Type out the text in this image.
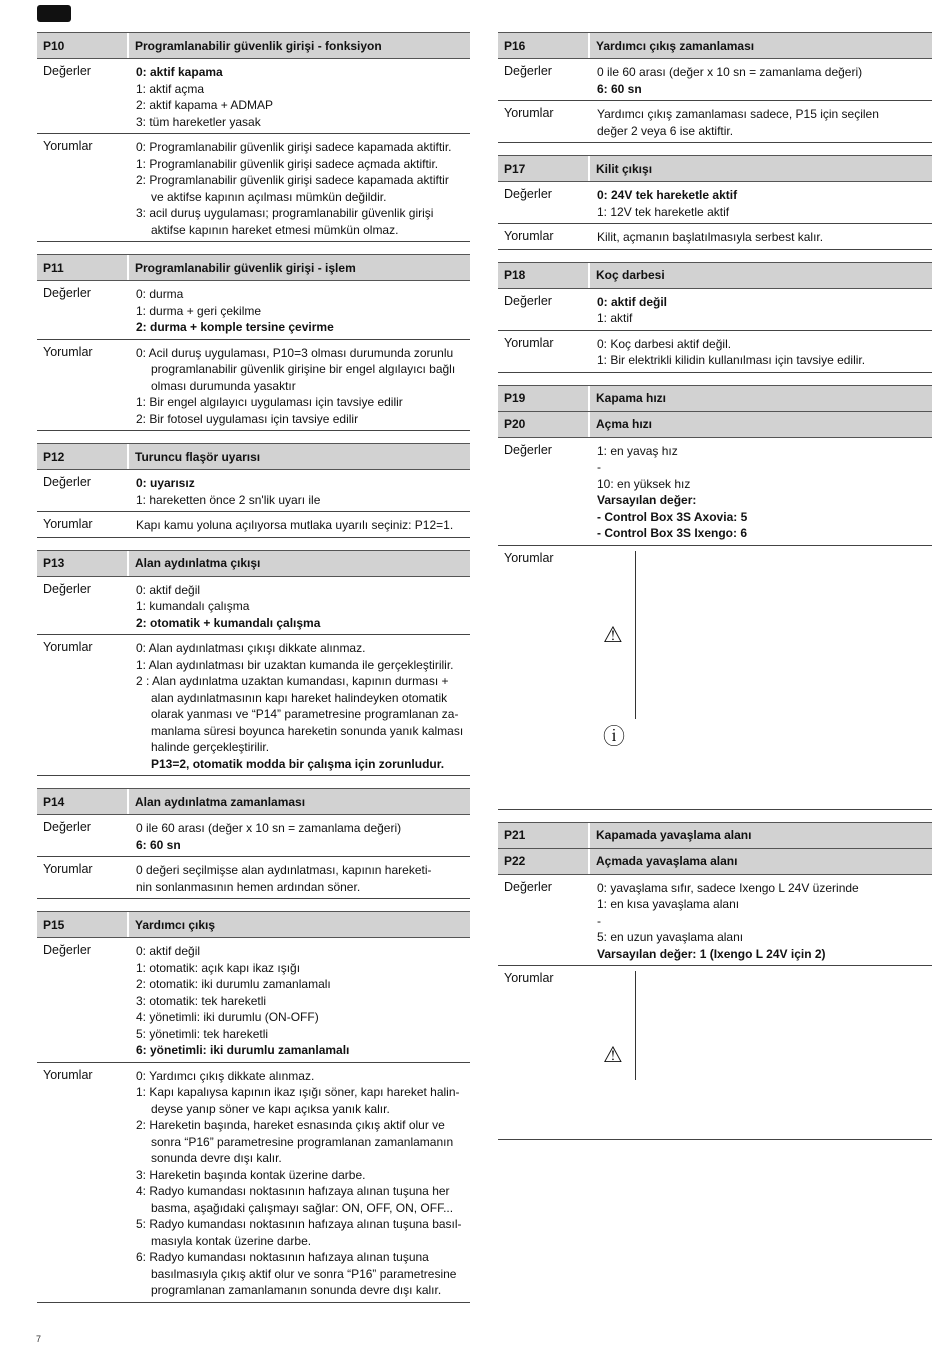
P10	Programlanabilir güvenlik girişi - fonksiyon
Değerler	0: aktif kapama
1: aktif açma
2: aktif kapama + ADMAP
3: tüm hareketler yasak
Yorumlar	0: Programlanabilir güvenlik girişi sadece kapamada aktiftir.
1: Programlanabilir güvenlik girişi sadece açmada aktiftir.
2: Programlanabilir güvenlik girişi sadece kapamada aktiftir
ve aktifse kapının açılması mümkün değildir.
3: acil duruş uygulaması; programlanabilir güvenlik girişi
aktifse kapının hareket etmesi mümkün olmaz.
P11	Programlanabilir güvenlik girişi - işlem
Değerler	0: durma
1: durma + geri çekilme
2: durma + komple tersine çevirme
Yorumlar	0: Acil duruş uygulaması, P10=3 olması durumunda zorunlu
programlanabilir güvenlik girişine bir engel algılayıcı bağlı
olması durumunda yasaktır
1: Bir engel algılayıcı uygulaması için tavsiye edilir
2: Bir fotosel uygulaması için tavsiye edilir
P12	Turuncu flaşör uyarısı
Değerler	0: uyarısız
1: hareketten önce 2 sn'lik uyarı ile
Yorumlar	Kapı kamu yoluna açılıyorsa mutlaka uyarılı seçiniz: P12=1.
P13	Alan aydınlatma çıkışı
Değerler	0: aktif değil
1: kumandalı çalışma
2: otomatik + kumandalı çalışma
Yorumlar	0: Alan aydınlatması çıkışı dikkate alınmaz.
1: Alan aydınlatması bir uzaktan kumanda ile gerçekleştirilir.
2 : Alan aydınlatma uzaktan kumandası, kapının durması +
alan aydınlatmasının kapı hareket halindeyken otomatik
olarak yanması ve “P14” parametresine programlanan za-
manlama süresi boyunca hareketin sonunda yanık kalması
halinde gerçekleştirilir.
P13=2, otomatik modda bir çalışma için zorunludur.
P14	Alan aydınlatma zamanlaması
Değerler	0 ile 60 arası (değer x 10 sn = zamanlama değeri)
6: 60 sn
Yorumlar	0 değeri seçilmişse alan aydınlatması, kapının hareketi-
nin sonlanmasının hemen ardından söner.
P15	Yardımcı çıkış
Değerler	0: aktif değil
1: otomatik: açık kapı ikaz ışığı
2: otomatik: iki durumlu zamanlamalı
3: otomatik: tek hareketli
4: yönetimli: iki durumlu (ON-OFF)
5: yönetimli: tek hareketli
6: yönetimli: iki durumlu zamanlamalı
Yorumlar	0: Yardımcı çıkış dikkate alınmaz.
1: Kapı kapalıysa kapının ikaz ışığı söner, kapı hareket halin-
deyse yanıp söner ve kapı açıksa yanık kalır.
2: Hareketin başında, hareket esnasında çıkış aktif olur ve
sonra “P16” parametresine programlanan zamanlamanın
sonunda devre dışı kalır.
3: Hareketin başında kontak üzerine darbe.
4: Radyo kumandası noktasının hafızaya alınan tuşuna her
basma, aşağıdaki çalışmayı sağlar: ON, OFF, ON, OFF...
5: Radyo kumandası noktasının hafızaya alınan tuşuna basıl-
masıyla kontak üzerine darbe.
6: Radyo kumandası noktasının hafızaya alınan tuşuna
basılmasıyla çıkış aktif olur ve sonra “P16” parametresine
programlanan zamanlamanın sonunda devre dışı kalır.
P16	Yardımcı çıkış zamanlaması
Değerler	0 ile 60 arası (değer x 10 sn = zamanlama değeri)
6: 60 sn
Yorumlar	Yardımcı çıkış zamanlaması sadece, P15 için seçilen
değer 2 veya 6 ise aktiftir.
P17	Kilit çıkışı
Değerler	0: 24V tek hareketle aktif
1: 12V tek hareketle aktif
Yorumlar	Kilit, açmanın başlatılmasıyla serbest kalır.
P18	Koç darbesi
Değerler	0: aktif değil
1: aktif
Yorumlar	0: Koç darbesi aktif değil.
1: Bir elektrikli kilidin kullanılması için tavsiye edilir.
P19	Kapama hızı
P20	Açma hızı
Değerler	1: en yavaş hız
-
10: en yüksek hız
Varsayılan değer:
- Control Box 3S Axovia: 5
- Control Box 3S Ixengo: 6
Yorumlar
⚠
ⓘ
P21	Kapamada yavaşlama alanı
P22	Açmada yavaşlama alanı
Değerler	0: yavaşlama sıfır, sadece Ixengo L 24V üzerinde
1: en kısa yavaşlama alanı
-
5: en uzun yavaşlama alanı
Varsayılan değer: 1 (Ixengo L 24V için 2)
Yorumlar
⚠
7
